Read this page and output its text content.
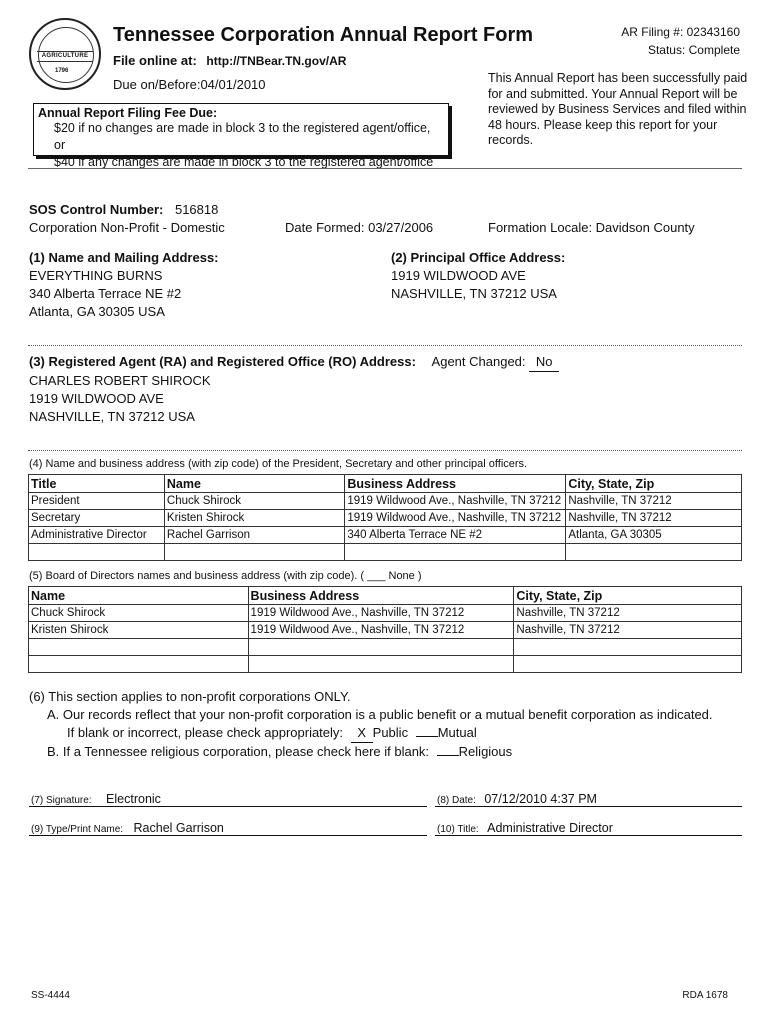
AGRICULTURE
1796
Tennessee Corporation Annual Report Form
File online at: http://TNBear.TN.gov/AR
Due on/Before:04/01/2010
AR Filing #: 02343160
Status: Complete
Annual Report Filing Fee Due:
$20 if no changes are made in block 3 to the registered agent/office, or
$40 if any changes are made in block 3 to the registered agent/office
This Annual Report has been successfully paid for and submitted. Your Annual Report will be reviewed by Business Services and filed within 48 hours. Please keep this report for your records.
SOS Control Number: 516818
Corporation Non-Profit - Domestic	Date Formed: 03/27/2006	Formation Locale: Davidson County
(1) Name and Mailing Address:
EVERYTHING BURNS
340 Alberta Terrace NE #2
Atlanta, GA 30305 USA
(2) Principal Office Address:
1919 WILDWOOD AVE
NASHVILLE, TN 37212 USA
(3) Registered Agent (RA) and Registered Office (RO) Address: Agent Changed: No
CHARLES ROBERT SHIROCK
1919 WILDWOOD AVE
NASHVILLE, TN 37212 USA
(4) Name and business address (with zip code) of the President, Secretary and other principal officers.
Title	Name	Business Address	City, State, Zip
President	Chuck Shirock	1919 Wildwood Ave., Nashville, TN 37212	Nashville, TN 37212
Secretary	Kristen Shirock	1919 Wildwood Ave., Nashville, TN 37212	Nashville, TN 37212
Administrative Director	Rachel Garrison	340 Alberta Terrace NE #2	Atlanta, GA 30305

(5) Board of Directors names and business address (with zip code). ( ___ None )
Name	Business Address	City, State, Zip
Chuck Shirock	1919 Wildwood Ave., Nashville, TN 37212	Nashville, TN 37212
Kristen Shirock	1919 Wildwood Ave., Nashville, TN 37212	Nashville, TN 37212

(6) This section applies to non-profit corporations ONLY.
A. Our records reflect that your non-profit corporation is a public benefit or a mutual benefit corporation as indicated.
If blank or incorrect, please check appropriately: X Public Mutual
B. If a Tennessee religious corporation, please check here if blank: Religious
(7) Signature: Electronic	(8) Date: 07/12/2010 4:37 PM
(9) Type/Print Name: Rachel Garrison	(10) Title: Administrative Director
SS-4444	RDA 1678
